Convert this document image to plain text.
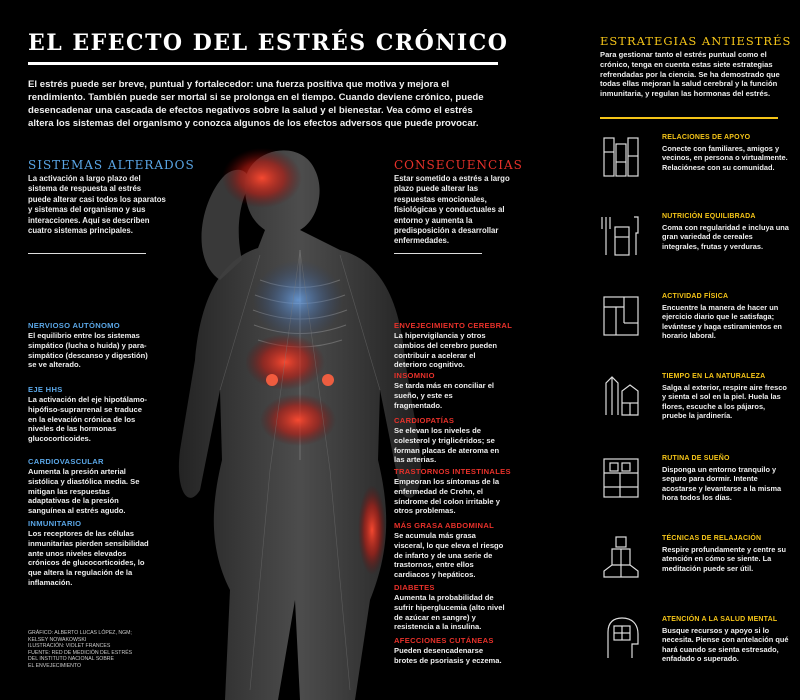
EL EFECTO DEL ESTRÉS CRÓNICO
El estrés puede ser breve, puntual y fortalecedor: una fuerza positiva que motiva y mejora el rendimiento. También puede ser mortal si se prolonga en el tiempo. Cuando deviene crónico, puede desencadenar una cascada de efectos negativos sobre la salud y el bienestar. Vea cómo el estrés altera los sistemas del organismo y conozca algunos de los efectos adversos que puede provocar.
SISTEMAS ALTERADOS
La activación a largo plazo del sistema de respuesta al estrés puede alterar casi todos los aparatos y sistemas del organismo y sus interacciones. Aquí se describen cuatro sistemas principales.
NERVIOSO AUTÓNOMO
El equilibrio entre los sistemas simpático (lucha o huida) y para-simpático (descanso y digestión) se ve alterado.
EJE HHS
La activación del eje hipotálamo-hipófiso-suprarrenal se traduce en la elevación crónica de los niveles de las hormonas glucocorticoides.
CARDIOVASCULAR
Aumenta la presión arterial sistólica y diastólica media. Se mitigan las respuestas adaptativas de la presión sanguínea al estrés agudo.
INMUNITARIO
Los receptores de las células inmunitarias pierden sensibilidad ante unos niveles elevados crónicos de glucocorticoides, lo que altera la regulación de la inflamación.
GRÁFICO: ALBERTO LUCAS LÓPEZ, NGM;
KELSEY NOWAKOWSKI
ILUSTRACIÓN: VIOLET FRANCES
FUENTE: RED DE MEDICIÓN DEL ESTRÉS
DEL INSTITUTO NACIONAL SOBRE
EL ENVEJECIMIENTO
CONSECUENCIAS
Estar sometido a estrés a largo plazo puede alterar las respuestas emocionales, fisiológicas y conductuales al entorno y aumenta la predisposición a desarrollar enfermedades.
ENVEJECIMIENTO CEREBRAL
La hipervigilancia y otros cambios del cerebro pueden contribuir a acelerar el deterioro cognitivo.
INSOMNIO
Se tarda más en conciliar el sueño, y este es fragmentado.
CARDIOPATÍAS
Se elevan los niveles de colesterol y triglicéridos; se forman placas de ateroma en las arterias.
TRASTORNOS INTESTINALES
Empeoran los síntomas de la enfermedad de Crohn, el síndrome del colon irritable y otros problemas.
MÁS GRASA ABDOMINAL
Se acumula más grasa visceral, lo que eleva el riesgo de infarto y de una serie de trastornos, entre ellos cardiacos y hepáticos.
DIABETES
Aumenta la probabilidad de sufrir hiperglucemia (alto nivel de azúcar en sangre) y resistencia a la insulina.
AFECCIONES CUTÁNEAS
Pueden desencadenarse brotes de psoriasis y eczema.
ESTRATEGIAS ANTIESTRÉS
Para gestionar tanto el estrés puntual como el crónico, tenga en cuenta estas siete estrategias refrendadas por la ciencia. Se ha demostrado que todas ellas mejoran la salud cerebral y la función inmunitaria, y regulan las hormonas del estrés.
RELACIONES DE APOYO
Conecte con familiares, amigos y vecinos, en persona o virtualmente. Relaciónese con su comunidad.
NUTRICIÓN EQUILIBRADA
Coma con regularidad e incluya una gran variedad de cereales integrales, frutas y verduras.
ACTIVIDAD FÍSICA
Encuentre la manera de hacer un ejercicio diario que le satisfaga; levántese y haga estiramientos en horario laboral.
TIEMPO EN LA NATURALEZA
Salga al exterior, respire aire fresco y sienta el sol en la piel. Huela las flores, escuche a los pájaros, pruebe la jardinería.
RUTINA DE SUEÑO
Disponga un entorno tranquilo y seguro para dormir. Intente acostarse y levantarse a la misma hora todos los días.
TÉCNICAS DE RELAJACIÓN
Respire profundamente y centre su atención en cómo se siente. La meditación puede ser útil.
ATENCIÓN A LA SALUD MENTAL
Busque recursos y apoyo si lo necesita. Piense con antelación qué hará cuando se sienta estresado, enfadado o superado.
